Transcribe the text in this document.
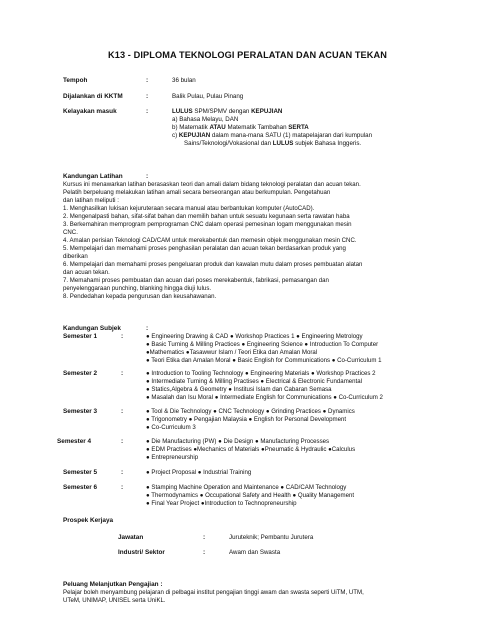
K13 - DIPLOMA TEKNOLOGI PERALATAN DAN ACUAN TEKAN
Tempoh	:	36 bulan
Dijalankan di KKTM	:	Balik Pulau, Pulau Pinang
Kelayakan masuk	:	LULUS SPM/SPMV dengan KEPUJIAN
a) Bahasa Melayu, DAN
b) Matematik ATAU Matematik Tambahan SERTA
c) KEPUJIAN dalam mana-mana SATU (1) matapelajaran dari kumpulan
Sains/Teknologi/Vokasional dan LULUS subjek Bahasa Inggeris.
Kandungan Latihan	:
Kursus ini menawarkan latihan berasaskan teori dan amali dalam bidang teknologi peralatan dan acuan tekan.
Pelatih berpeluang melakukan latihan amali secara berseorangan atau berkumpulan. Pengetahuan
dan latihan meliputi :
1. Menghasilkan lukisan kejuruteraan secara manual atau berbantukan komputer (AutoCAD).
2. Mengenalpasti bahan, sifat-sifat bahan dan memilih bahan untuk sesuatu kegunaan serta rawatan haba
3. Berkemahiran memprogram pemprograman CNC dalam operasi pemesinan logam menggunakan mesin
CNC.
4. Amalan perisian Teknologi CAD/CAM untuk merekabentuk dan memesin objek menggunakan mesin CNC.
5. Mempelajari dan memahami proses penghasilan peralatan dan acuan tekan berdasarkan produk yang
diberikan
6. Mempelajari dan memahami proses pengeluaran produk dan kawalan mutu dalam proses pembuatan alatan
dan acuan tekan.
7. Memahami proses pembuatan dan acuan dari poses merekabentuk, fabrikasi, pemasangan dan
penyelenggaraan punching, blanking hingga diuji lulus.
8. Pendedahan kepada pengurusan dan keusahawanan.
Kandungan Subjek	:
Semester 1	:	● Engineering Drawing & CAD ● Workshop Practices 1 ● Engineering Metrology
● Basic Turning & Milling Practices ● Engineering Science ● Introduction To Computer
●Mathematics ●Tasawwur Islam / Teori Etika dan Amalan Moral
● Teori Etika dan Amalan Moral ● Basic English for Communications ● Co-Curriculum 1
Semester 2	:	● Introduction to Tooling Technology ● Engineering Materials ● Workshop Practices 2
● Intermediate Turning & Milling Practises ● Electrical & Electronic Fundamental
● Statics,Algebra & Geometry ● Institusi Islam dan Cabaran Semasa
● Masalah dan Isu Moral ● Intermediate English for Communications ● Co-Curriculum 2
Semester 3	:	● Tool & Die Technology ● CNC Technology ● Grinding Practices ● Dynamics
● Trigonometry ● Pengajian Malaysia ● English for Personal Development
● Co-Curriculum 3
Semester 4	:	● Die Manufacturing (PW) ● Die Design ● Manufacturing Processes
● EDM Practises ●Mechanics of Materials ●Pneumatic & Hydraulic ●Calculus
● Entrepreneurship
Semester 5	:	● Project Proposal ● Industrial Training
Semester 6	:	● Stamping Machine Operation and Maintenance ● CAD/CAM Technology
● Thermodynamics ● Occupational Safety and Health ● Quality Management
● Final Year Project ●Introduction to Technopreneurship
Prospek Kerjaya
Jawatan	:	Juruteknik; Pembantu Jurutera
Industri/ Sektor	:	Awam dan Swasta
Peluang Melanjutkan Pengajian :
Pelajar boleh menyambung pelajaran di pelbagai institut pengajian tinggi awam dan swasta seperti UiTM, UTM,
UTeM, UNIMAP, UNISEL serta UniKL.
